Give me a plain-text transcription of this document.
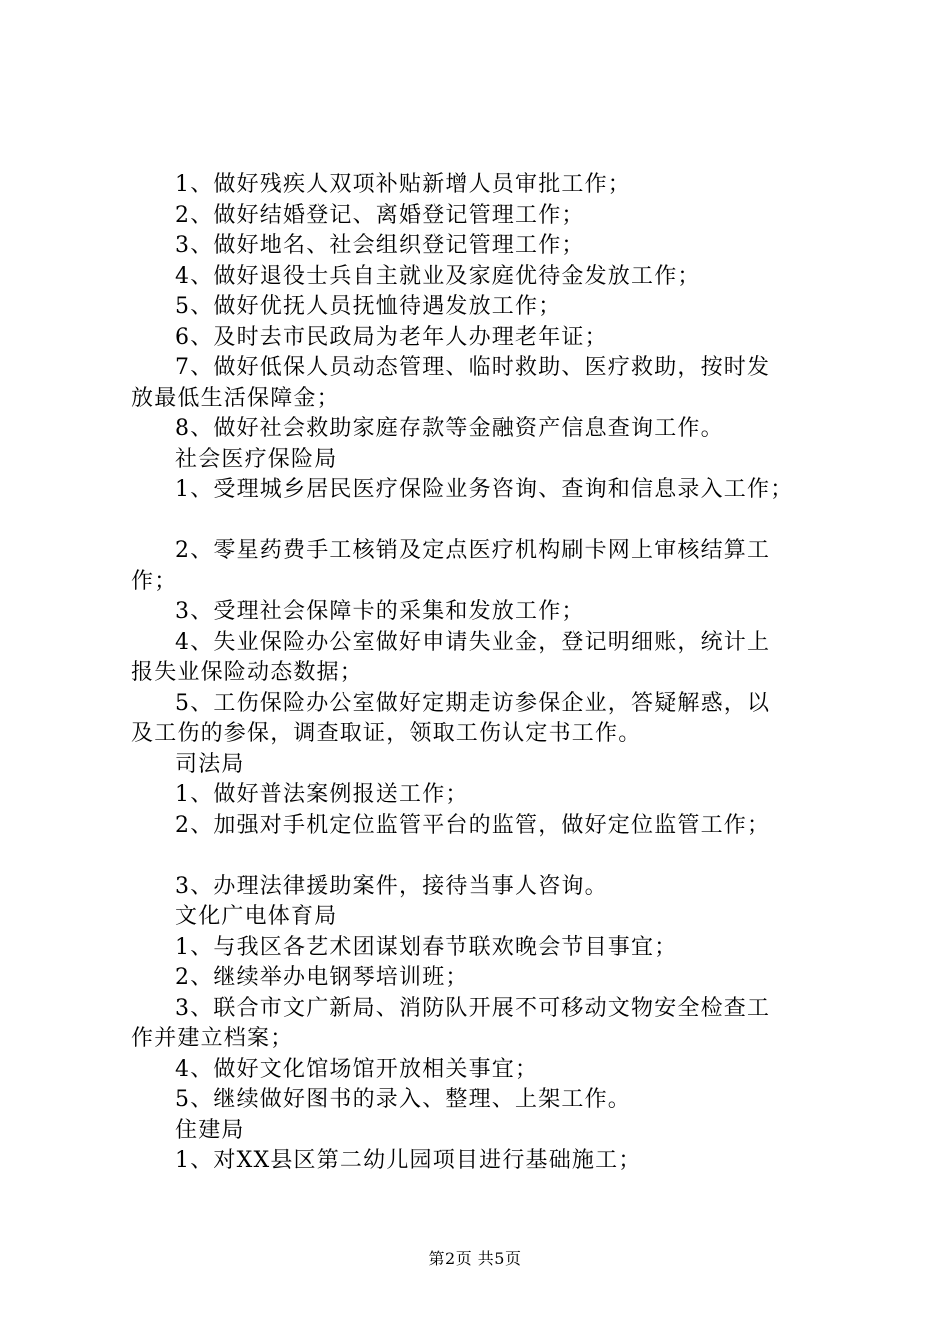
1、做好残疾人双项补贴新增人员审批工作；
2、做好结婚登记、离婚登记管理工作；
3、做好地名、社会组织登记管理工作；
4、做好退役士兵自主就业及家庭优待金发放工作；
5、做好优抚人员抚恤待遇发放工作；
6、及时去市民政局为老年人办理老年证；
7、做好低保人员动态管理、临时救助、医疗救助，按时发
放最低生活保障金；
8、做好社会救助家庭存款等金融资产信息查询工作。
社会医疗保险局
1、受理城乡居民医疗保险业务咨询、查询和信息录入工作；
2、零星药费手工核销及定点医疗机构刷卡网上审核结算工
作；
3、受理社会保障卡的采集和发放工作；
4、失业保险办公室做好申请失业金，登记明细账，统计上
报失业保险动态数据；
5、工伤保险办公室做好定期走访参保企业，答疑解惑，以
及工伤的参保，调查取证，领取工伤认定书工作。
司法局
1、做好普法案例报送工作；
2、加强对手机定位监管平台的监管，做好定位监管工作；
3、办理法律援助案件，接待当事人咨询。
文化广电体育局
1、与我区各艺术团谋划春节联欢晚会节目事宜；
2、继续举办电钢琴培训班；
3、联合市文广新局、消防队开展不可移动文物安全检查工
作并建立档案；
4、做好文化馆场馆开放相关事宜；
5、继续做好图书的录入、整理、上架工作。
住建局
1、对XX县区第二幼儿园项目进行基础施工；
第2页 共5页
